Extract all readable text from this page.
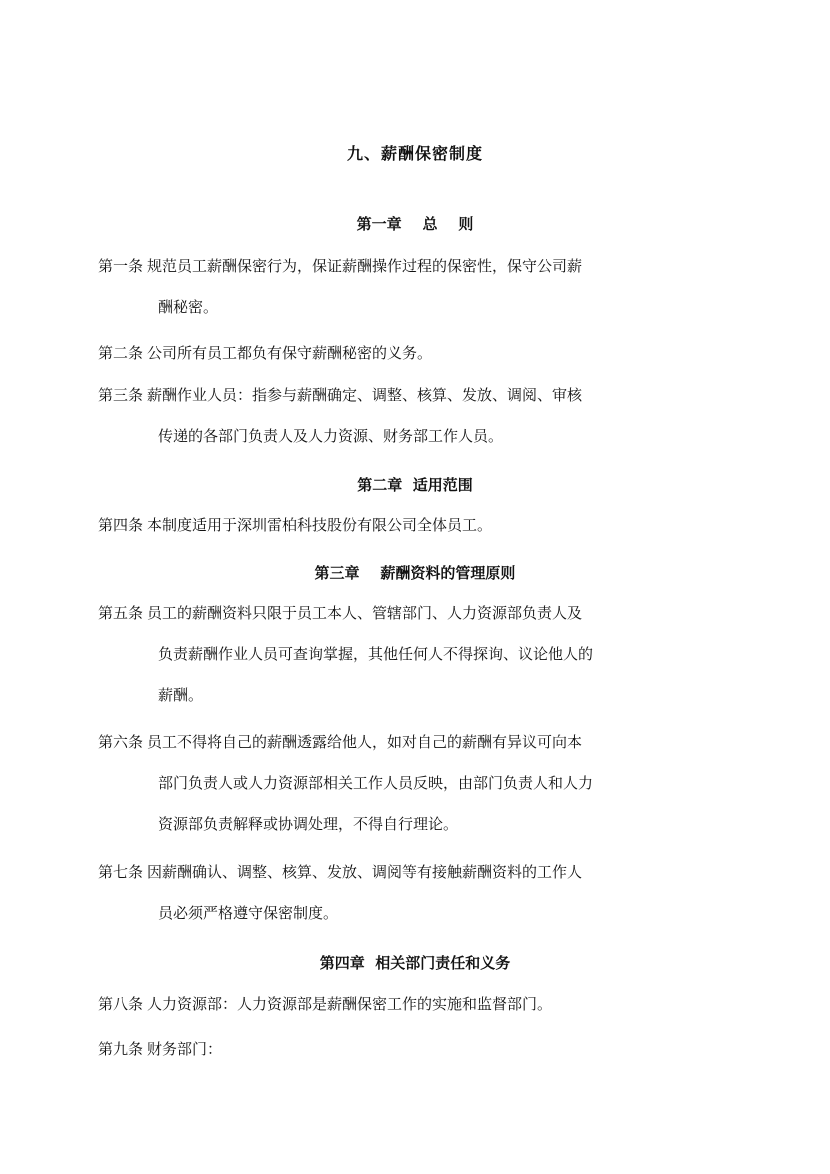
九、薪酬保密制度
第一章    总    则
第一条 规范员工薪酬保密行为，保证薪酬操作过程的保密性，保守公司薪
酬秘密。
第二条 公司所有员工都负有保守薪酬秘密的义务。
第三条 薪酬作业人员：指参与薪酬确定、调整、核算、发放、调阅、审核
传递的各部门负责人及人力资源、财务部工作人员。
第二章  适用范围
第四条 本制度适用于深圳雷柏科技股份有限公司全体员工。
第三章    薪酬资料的管理原则
第五条 员工的薪酬资料只限于员工本人、管辖部门、人力资源部负责人及
负责薪酬作业人员可查询掌握，其他任何人不得探询、议论他人的
薪酬。
第六条 员工不得将自己的薪酬透露给他人，如对自己的薪酬有异议可向本
部门负责人或人力资源部相关工作人员反映，由部门负责人和人力
资源部负责解释或协调处理，不得自行理论。
第七条 因薪酬确认、调整、核算、发放、调阅等有接触薪酬资料的工作人
员必须严格遵守保密制度。
第四章  相关部门责任和义务
第八条 人力资源部：人力资源部是薪酬保密工作的实施和监督部门。
第九条 财务部门：
